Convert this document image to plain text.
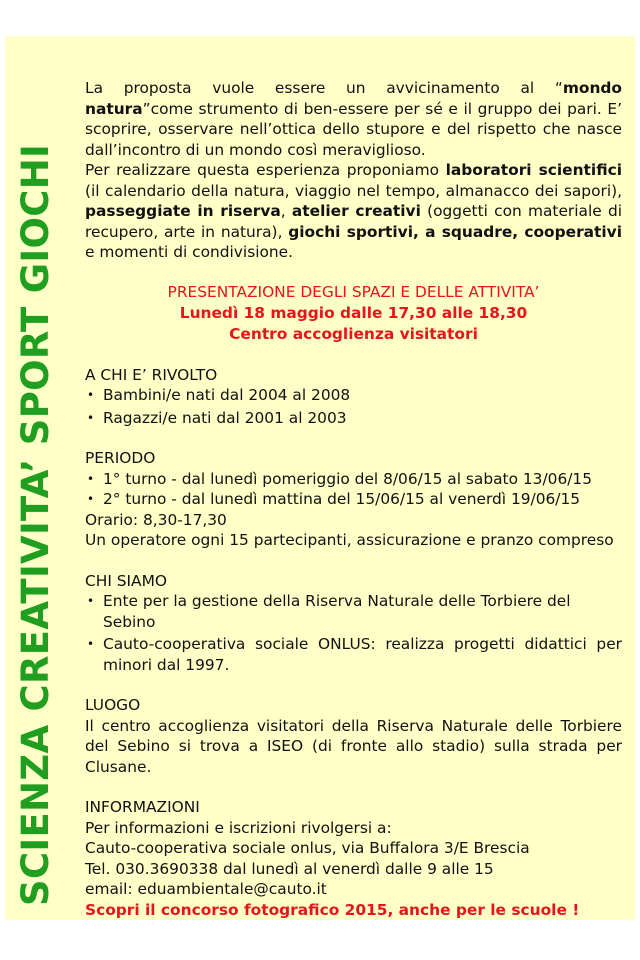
SCIENZA CREATIVITA’ SPORT GIOCHI

La proposta vuole essere un avvicinamento al “mondo natura”come strumento di ben-essere per sé e il gruppo dei pari. E’ scoprire, osservare nell’ottica dello stupore e del rispetto che nasce dall’incontro di un mondo così meraviglioso.

Per realizzare questa esperienza proponiamo laboratori scientifici (il calendario della natura, viaggio nel tempo, almanacco dei sapori), passeggiate in riserva, atelier creativi (oggetti con materiale di recupero, arte in natura), giochi sportivi, a squadre, cooperativi e momenti di condivisione.

PRESENTAZIONE DEGLI SPAZI E DELLE ATTIVITA’
Lunedì 18 maggio dalle 17,30 alle 18,30
Centro accoglienza visitatori

A CHI E’ RIVOLTO

• Bambini/e nati dal 2004 al 2008
• Ragazzi/e nati dal 2001 al 2003

PERIODO

• 1° turno - dal lunedì pomeriggio del 8/06/15 al sabato 13/06/15
• 2° turno - dal lunedì mattina del 15/06/15 al venerdì 19/06/15

Orario: 8,30-17,30

Un operatore ogni 15 partecipanti, assicurazione e pranzo compreso

CHI SIAMO

• Ente per la gestione della Riserva Naturale delle Torbiere del Sebino
• Cauto-cooperativa sociale ONLUS: realizza progetti didattici per minori dal 1997.

LUOGO

Il centro accoglienza visitatori della Riserva Naturale delle Torbiere del Sebino si trova a ISEO (di fronte allo stadio) sulla strada per Clusane.

INFORMAZIONI

Per informazioni e iscrizioni rivolgersi a:

Cauto-cooperativa sociale onlus, via Buffalora 3/E Brescia

Tel. 030.3690338 dal lunedì al venerdì dalle 9 alle 15

email: eduambientale@cauto.it

Scopri il concorso fotografico 2015, anche per le scuole !
